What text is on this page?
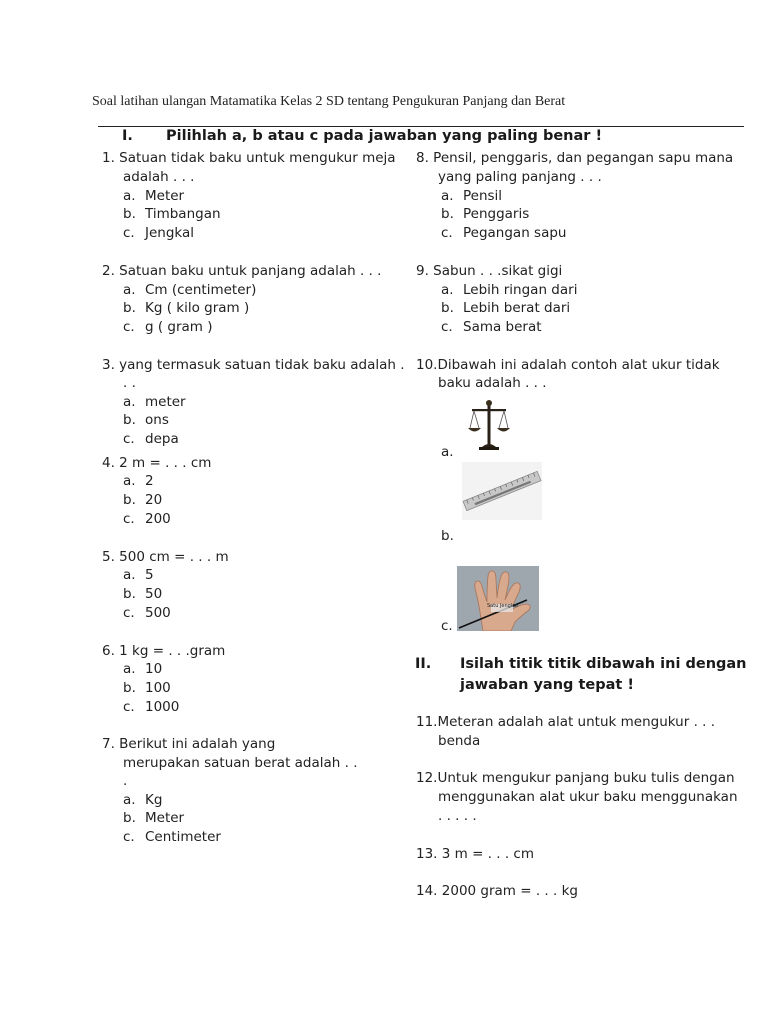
Soal latihan ulangan Matamatika Kelas 2 SD tentang Pengukuran Panjang dan Berat
I. Pilihlah a, b atau c pada jawaban yang paling benar !
1. Satuan tidak baku untuk mengukur meja
adalah . . .
a. Meter
b. Timbangan
c. Jengkal
2. Satuan baku untuk panjang adalah . . .
a. Cm (centimeter)
b. Kg ( kilo gram )
c. g ( gram )
3. yang termasuk satuan tidak baku adalah .
. .
a. meter
b. ons
c. depa
4. 2 m = . . . cm
a. 2
b. 20
c. 200
5. 500 cm = . . . m
a. 5
b. 50
c. 500
6. 1 kg = . . .gram
a. 10
b. 100
c. 1000
7. Berikut ini adalah yang
merupakan satuan berat adalah . .
.
a. Kg
b. Meter
c. Centimeter
8. Pensil, penggaris, dan pegangan sapu mana
yang paling panjang . . .
a. Pensil
b. Penggaris
c. Pegangan sapu
9. Sabun . . .sikat gigi
a. Lebih ringan dari
b. Lebih berat dari
c. Sama berat
10.Dibawah ini adalah contoh alat ukur tidak
baku adalah . . .
a.
b.
Satu Jengkal
c.
II. Isilah titik titik dibawah ini dengan
jawaban yang tepat !
11.Meteran adalah alat untuk mengukur . . .
benda
12.Untuk mengukur panjang buku tulis dengan
menggunakan alat ukur baku menggunakan
. . . . .
13. 3 m = . . . cm
14. 2000 gram = . . . kg
